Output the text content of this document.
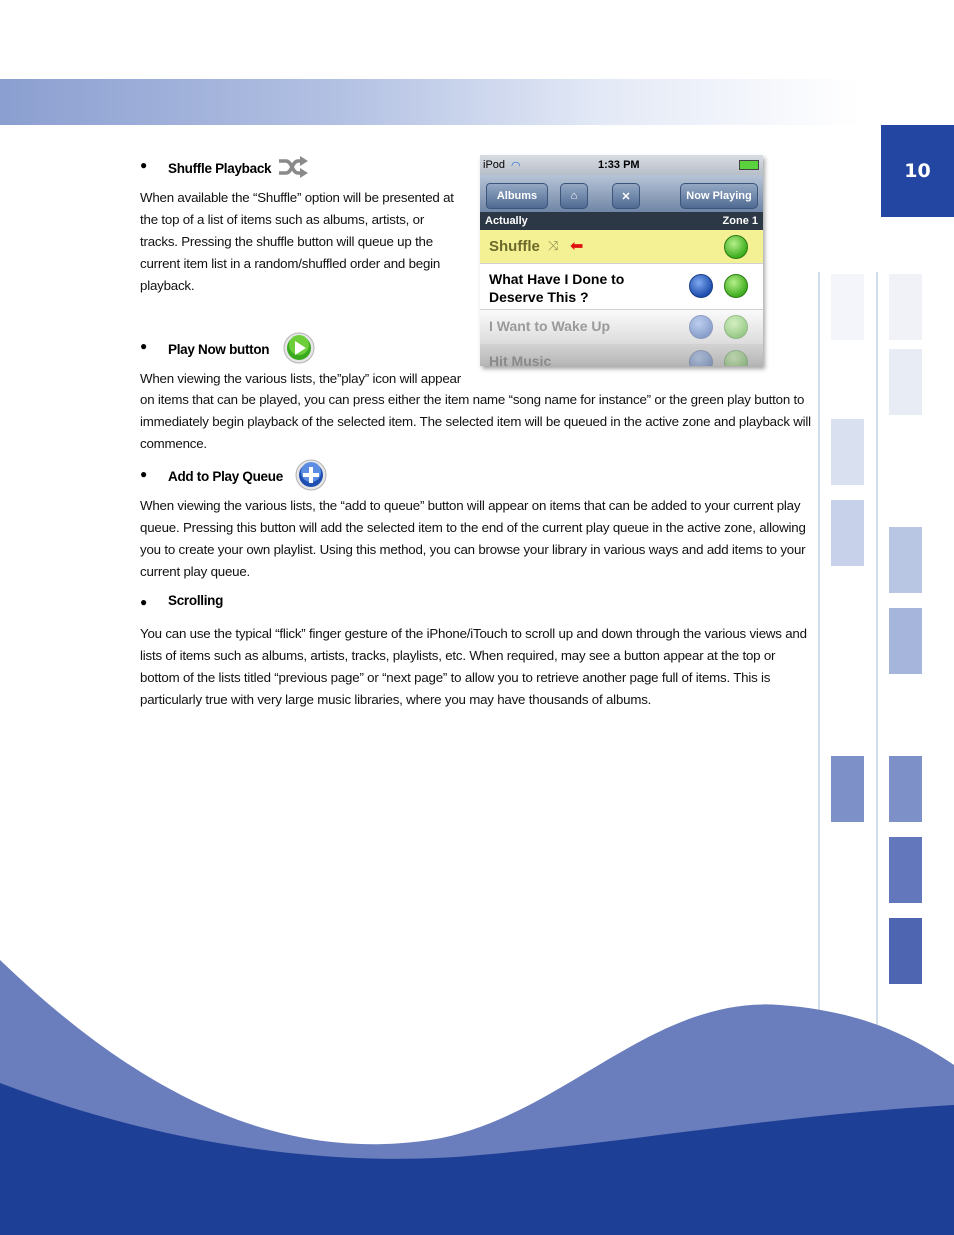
10
● Shuffle Playback

When available the “Shuffle” option will be presented at the top of a list of items such as albums, artists, or tracks. Pressing the shuffle button will queue up the current item list in a random/shuffled order and begin playback.

● Play Now button

When viewing the various lists, the”play” icon will appear

on items that can be played, you can press either the item name “song name for instance” or the green play button to immediately begin playback of the selected item. The selected item will be queued in the active zone and playback will commence.

● Add to Play Queue

When viewing the various lists, the “add to queue” button will appear on items that can be added to your current play queue. Pressing this button will add the selected item to the end of the current play queue in the active zone, allowing you to create your own playlist. Using this method, you can browse your library in various ways and add items to your current play queue.

● Scrolling

You can use the typical “flick” finger gesture of the iPhone/iTouch to scroll up and down through the various views and lists of items such as albums, artists, tracks, playlists, etc. When required, may see a button appear at the top or bottom of the lists titled “previous page” or “next page” to allow you to retrieve another page full of items. This is particularly true with very large music libraries, where you may have thousands of albums.

iPod ◠	1:33 PM
Albums	⌂	✕	Now Playing
Actually	Zone 1
Shuffle ⤨ ⬅
What Have I Done to
Deserve This ?
I Want to Wake Up
Hit Music
